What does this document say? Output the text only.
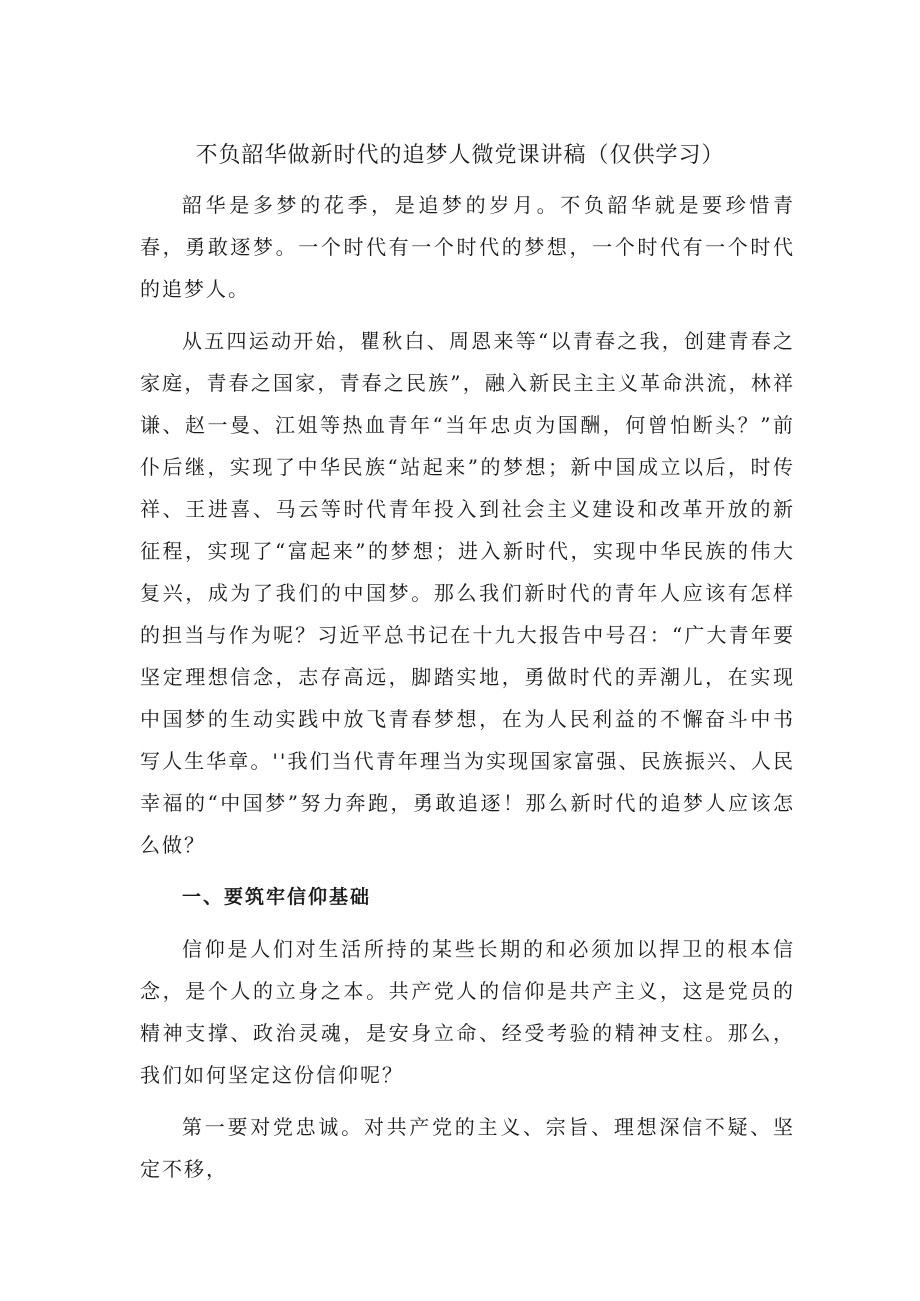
不负韶华做新时代的追梦人微党课讲稿（仅供学习）

韶华是多梦的花季，是追梦的岁月。不负韶华就是要珍惜青春，勇敢逐梦。一个时代有一个时代的梦想，一个时代有一个时代的追梦人。

从五四运动开始，瞿秋白、周恩来等“以青春之我，创建青春之家庭，青春之国家，青春之民族”，融入新民主主义革命洪流，林祥谦、赵一曼、江姐等热血青年“当年忠贞为国酬，何曾怕断头？”前仆后继，实现了中华民族“站起来”的梦想；新中国成立以后，时传祥、王进喜、马云等时代青年投入到社会主义建设和改革开放的新征程，实现了“富起来”的梦想；进入新时代，实现中华民族的伟大复兴，成为了我们的中国梦。那么我们新时代的青年人应该有怎样的担当与作为呢？习近平总书记在十九大报告中号召：“广大青年要坚定理想信念，志存高远，脚踏实地，勇做时代的弄潮儿，在实现中国梦的生动实践中放飞青春梦想，在为人民利益的不懈奋斗中书写人生华章。''我们当代青年理当为实现国家富强、民族振兴、人民幸福的“中国梦”努力奔跑，勇敢追逐！那么新时代的追梦人应该怎么做？

一、要筑牢信仰基础

信仰是人们对生活所持的某些长期的和必须加以捍卫的根本信念，是个人的立身之本。共产党人的信仰是共产主义，这是党员的精神支撑、政治灵魂，是安身立命、经受考验的精神支柱。那么，我们如何坚定这份信仰呢？

第一要对党忠诚。对共产党的主义、宗旨、理想深信不疑、坚定不移，
